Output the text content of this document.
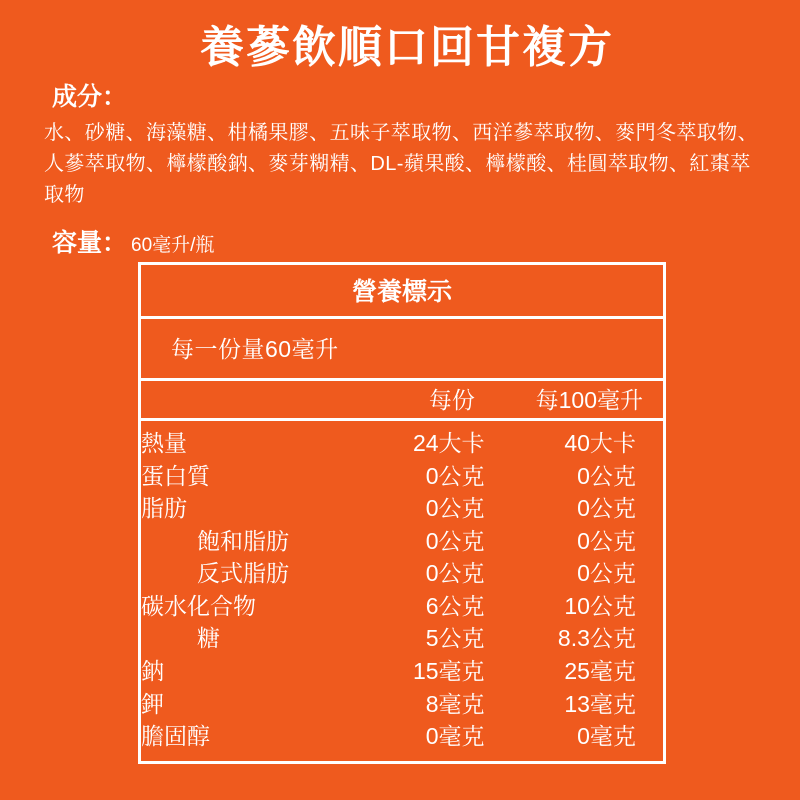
養蔘飲順口回甘複方
成分：
水、砂糖、海藻糖、柑橘果膠、五味子萃取物、西洋蔘萃取物、麥門冬萃取物、人蔘萃取物、檸檬酸鈉、麥芽糊精、DL-蘋果酸、檸檬酸、桂圓萃取物、紅棗萃取物
容量： 60毫升/瓶
營養標示
每一份量60毫升
	每份		每100毫升	

熱量	24	大卡	40	大卡
蛋白質	0	公克	0	公克
脂肪	0	公克	0	公克
飽和脂肪	0	公克	0	公克
反式脂肪	0	公克	0	公克
碳水化合物	6	公克	10	公克
糖	5	公克	8.3	公克
鈉	15	毫克	25	毫克
鉀	8	毫克	13	毫克
膽固醇	0	毫克	0	毫克
